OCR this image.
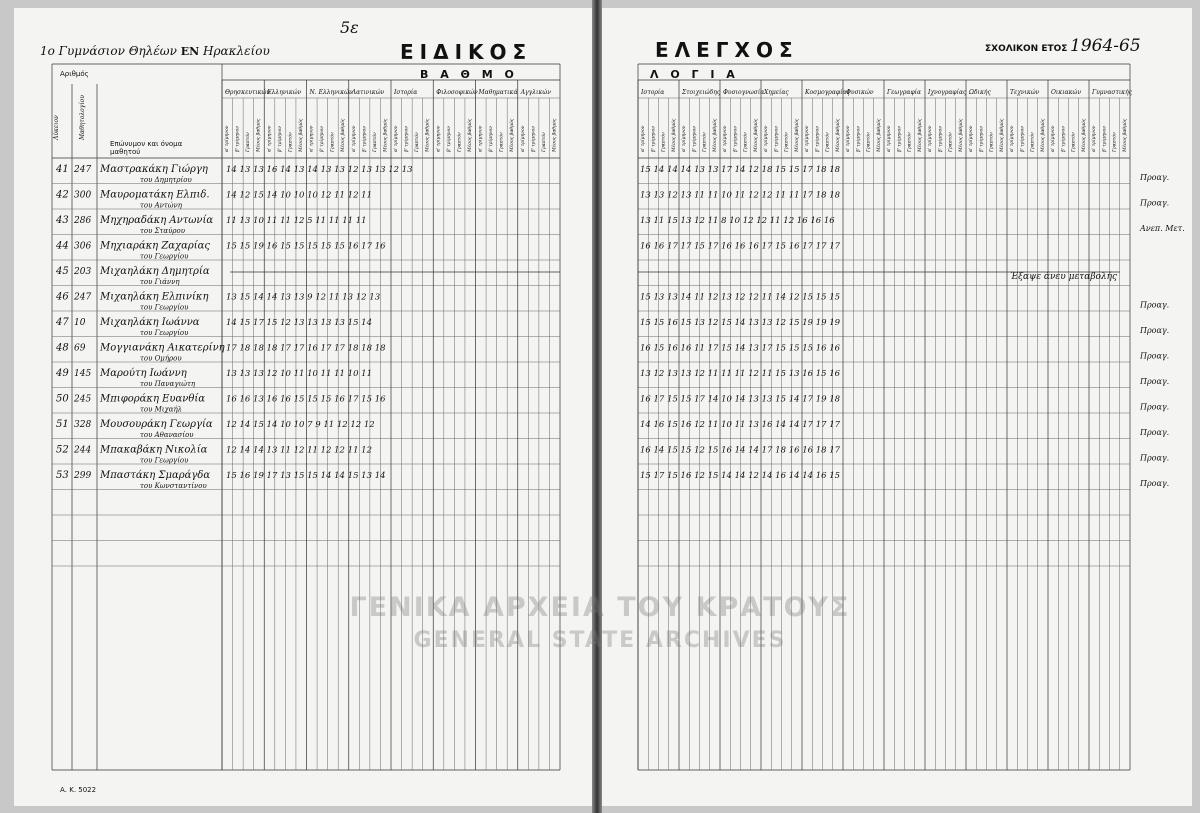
1ο Γυμνάσιον Θηλέων ΕΝ Ηρακλείου
5ε
ΕΙΔΙΚΟΣ	ΕΛΕΓΧΟΣ	ΣΧΟΛΙΚΟΝ ΕΤΟΣ 1964-65
Β Α Θ Μ Ο	Λ Ο Γ Ι Α
Αριθμός
Επώνυμον και όνομα μαθητού
Θρησκευτικών
α' τρίμηνον	β' τρίμηνον	Γραπτόν	Μέσος βαθμός
Ελληνικών
α' τρίμηνον	β' τρίμηνον	Γραπτόν	Μέσος βαθμός
Ν. Ελληνικών
α' τρίμηνον	β' τρίμηνον	Γραπτόν	Μέσος βαθμός
Λατινικών
α' τρίμηνον	β' τρίμηνον	Γραπτόν	Μέσος βαθμός
Ιστορία
α' τρίμηνον	β' τρίμηνον	Γραπτόν	Μέσος βαθμός
Φιλοσοφικών
α' τρίμηνον	β' τρίμηνον	Γραπτόν	Μέσος βαθμός
Μαθηματικά
α' τρίμηνον	β' τρίμηνον	Γραπτόν	Μέσος βαθμός
Αγγλικών
α' τρίμηνον	β' τρίμηνον	Γραπτόν	Μέσος βαθμός
Λύκειον	Μαθητολογίου
Ιστορία
α' τρίμηνον	β' τρίμηνον	Γραπτόν	Μέσος βαθμός
Στοιχειώδης
α' τρίμηνον	β' τρίμηνον	Γραπτόν	Μέσος βαθμός
Φυσιογνωσία
α' τρίμηνον	β' τρίμηνον	Γραπτόν	Μέσος βαθμός
Χημείας
α' τρίμηνον	β' τρίμηνον	Γραπτόν	Μέσος βαθμός
Κοσμογραφίας
α' τρίμηνον	β' τρίμηνον	Γραπτόν	Μέσος βαθμός
Φυσικών
α' τρίμηνον	β' τρίμηνον	Γραπτόν	Μέσος βαθμός
Γεωγραφία
α' τρίμηνον	β' τρίμηνον	Γραπτόν	Μέσος βαθμός
Ιχνογραφίας
α' τρίμηνον	β' τρίμηνον	Γραπτόν	Μέσος βαθμός
Ωδικής
α' τρίμηνον	β' τρίμηνον	Γραπτόν	Μέσος βαθμός
Τεχνικών
α' τρίμηνον	β' τρίμηνον	Γραπτόν	Μέσος βαθμός
Οικιακών
α' τρίμηνον	β' τρίμηνον	Γραπτόν	Μέσος βαθμός
Γυμναστικής
α' τρίμηνον	β' τρίμηνον	Γραπτόν	Μέσος βαθμός
41 247 Μαστρακάκη Γιώργη
του Δημητρίου
14 13 13 16 14 13 14 13 13 12 13 13 12 13	15 14 14 14 13 13 17 14 12 18 15 15 17 18 18
Προαγ.
42 300 Μαυροματάκη Ελπιδ.
του Αντώνη
14 12 15 14 10 10 10 12 11 12 11	13 13 12 13 11 11 10 11 12 12 11 11 17 18 18
Προαγ.
43 286 Μηχηραδάκη Αντωνία
του Σταύρου
11 13 10 11 11 12 5 11 11 11 11	13 11 15 13 12 11 8 10 12 12 11 12 16 16 16
Ανεπ. Μετ.
44 306 Μηχιαράκη Ζαχαρίας
του Γεωργίου
15 15 19 16 15 15 15 15 15 16 17 16	16 16 17 17 15 17 16 16 16 17 15 16 17 17 17
45 203 Μιχαηλάκη Δημητρία
του Γιάννη	Έξαψε άνευ μεταβολής
46 247 Μιχαηλάκη Ελπινίκη
του Γεωργίου
13 15 14 14 13 13 9 12 11 13 12 13	15 13 13 14 11 12 13 12 12 11 14 12 15 15 15
Προαγ.
47 10 Μιχαηλάκη Ιωάννα
του Γεωργίου
14 15 17 15 12 13 13 13 13 15 14	15 15 16 15 13 12 15 14 13 13 12 15 19 19 19
Προαγ.
48 69 Μογγιανάκη Αικατερίνη
του Ομήρου
17 18 18 18 17 17 16 17 17 18 18 18	16 15 16 16 11 17 15 14 13 17 15 15 15 16 16
Προαγ.
49 145 Μαρούτη Ιωάννη
του Παναγιώτη
13 13 13 12 10 11 10 11 11 10 11	13 12 13 13 12 11 11 11 12 11 15 13 16 15 16
Προαγ.
50 245 Μπιφοράκη Ευανθία
του Μιχαήλ
16 16 13 16 16 15 15 15 16 17 15 16	16 17 15 15 17 14 10 14 13 13 15 14 17 19 18
Προαγ.
51 328 Μουσουράκη Γεωργία
του Αθανασίου
12 14 15 14 10 10 7 9 11 12 12 12	14 16 15 16 12 11 10 11 13 16 14 14 17 17 17
Προαγ.
52 244 Μπακαβάκη Νικολία
του Γεωργίου
12 14 14 13 11 12 11 12 12 11 12	16 14 15 15 12 15 16 14 14 17 18 16 16 18 17
Προαγ.
53 299 Μπαστάκη Σμαράγδα
του Κωνσταντίνου
15 16 19 17 13 15 15 14 14 15 13 14	15 17 15 16 12 15 14 14 12 14 16 14 14 16 15
Προαγ.
ΓΕΝΙΚΑ ΑΡΧΕΙΑ ΤΟΥ ΚΡΑΤΟΥΣ
GENERAL STATE ARCHIVES
Α. Κ. 5022
